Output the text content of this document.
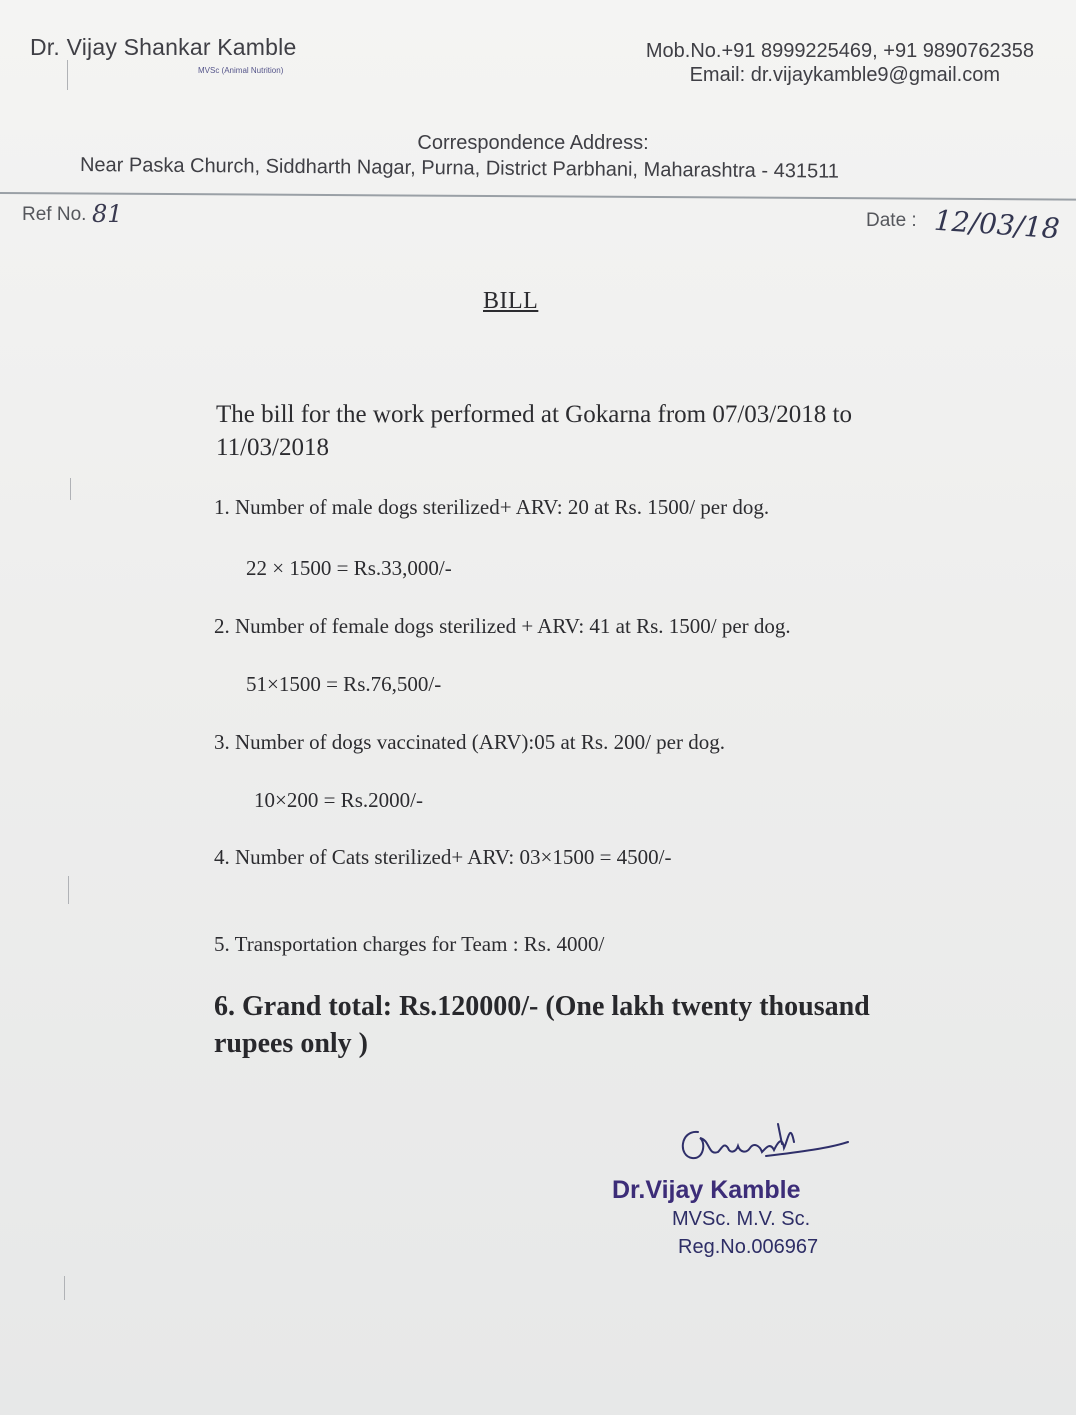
Dr. Vijay Shankar Kamble
MVSc (Animal Nutrition)
Mob.No.+91 8999225469, +91 9890762358
Email: dr.vijaykamble9@gmail.com
Correspondence Address:
Near Paska Church, Siddharth Nagar, Purna, District Parbhani, Maharashtra - 431511
Ref No. 81	Date : 12/03/18
BILL
The bill for the work performed at Gokarna from 07/03/2018 to 11/03/2018
1. Number of male dogs sterilized+ ARV: 20 at Rs. 1500/ per dog.
22 × 1500 = Rs.33,000/-
2. Number of female dogs sterilized + ARV: 41 at Rs. 1500/ per dog.
51×1500 = Rs.76,500/-
3. Number of dogs vaccinated (ARV):05 at Rs. 200/ per dog.
10×200 = Rs.2000/-
4. Number of Cats sterilized+ ARV: 03×1500 = 4500/-
5. Transportation charges for Team : Rs. 4000/
6. Grand total: Rs.120000/- (One lakh twenty thousand rupees only )
Dr.Vijay Kamble
MVSc. M.V. Sc.
Reg.No.006967
